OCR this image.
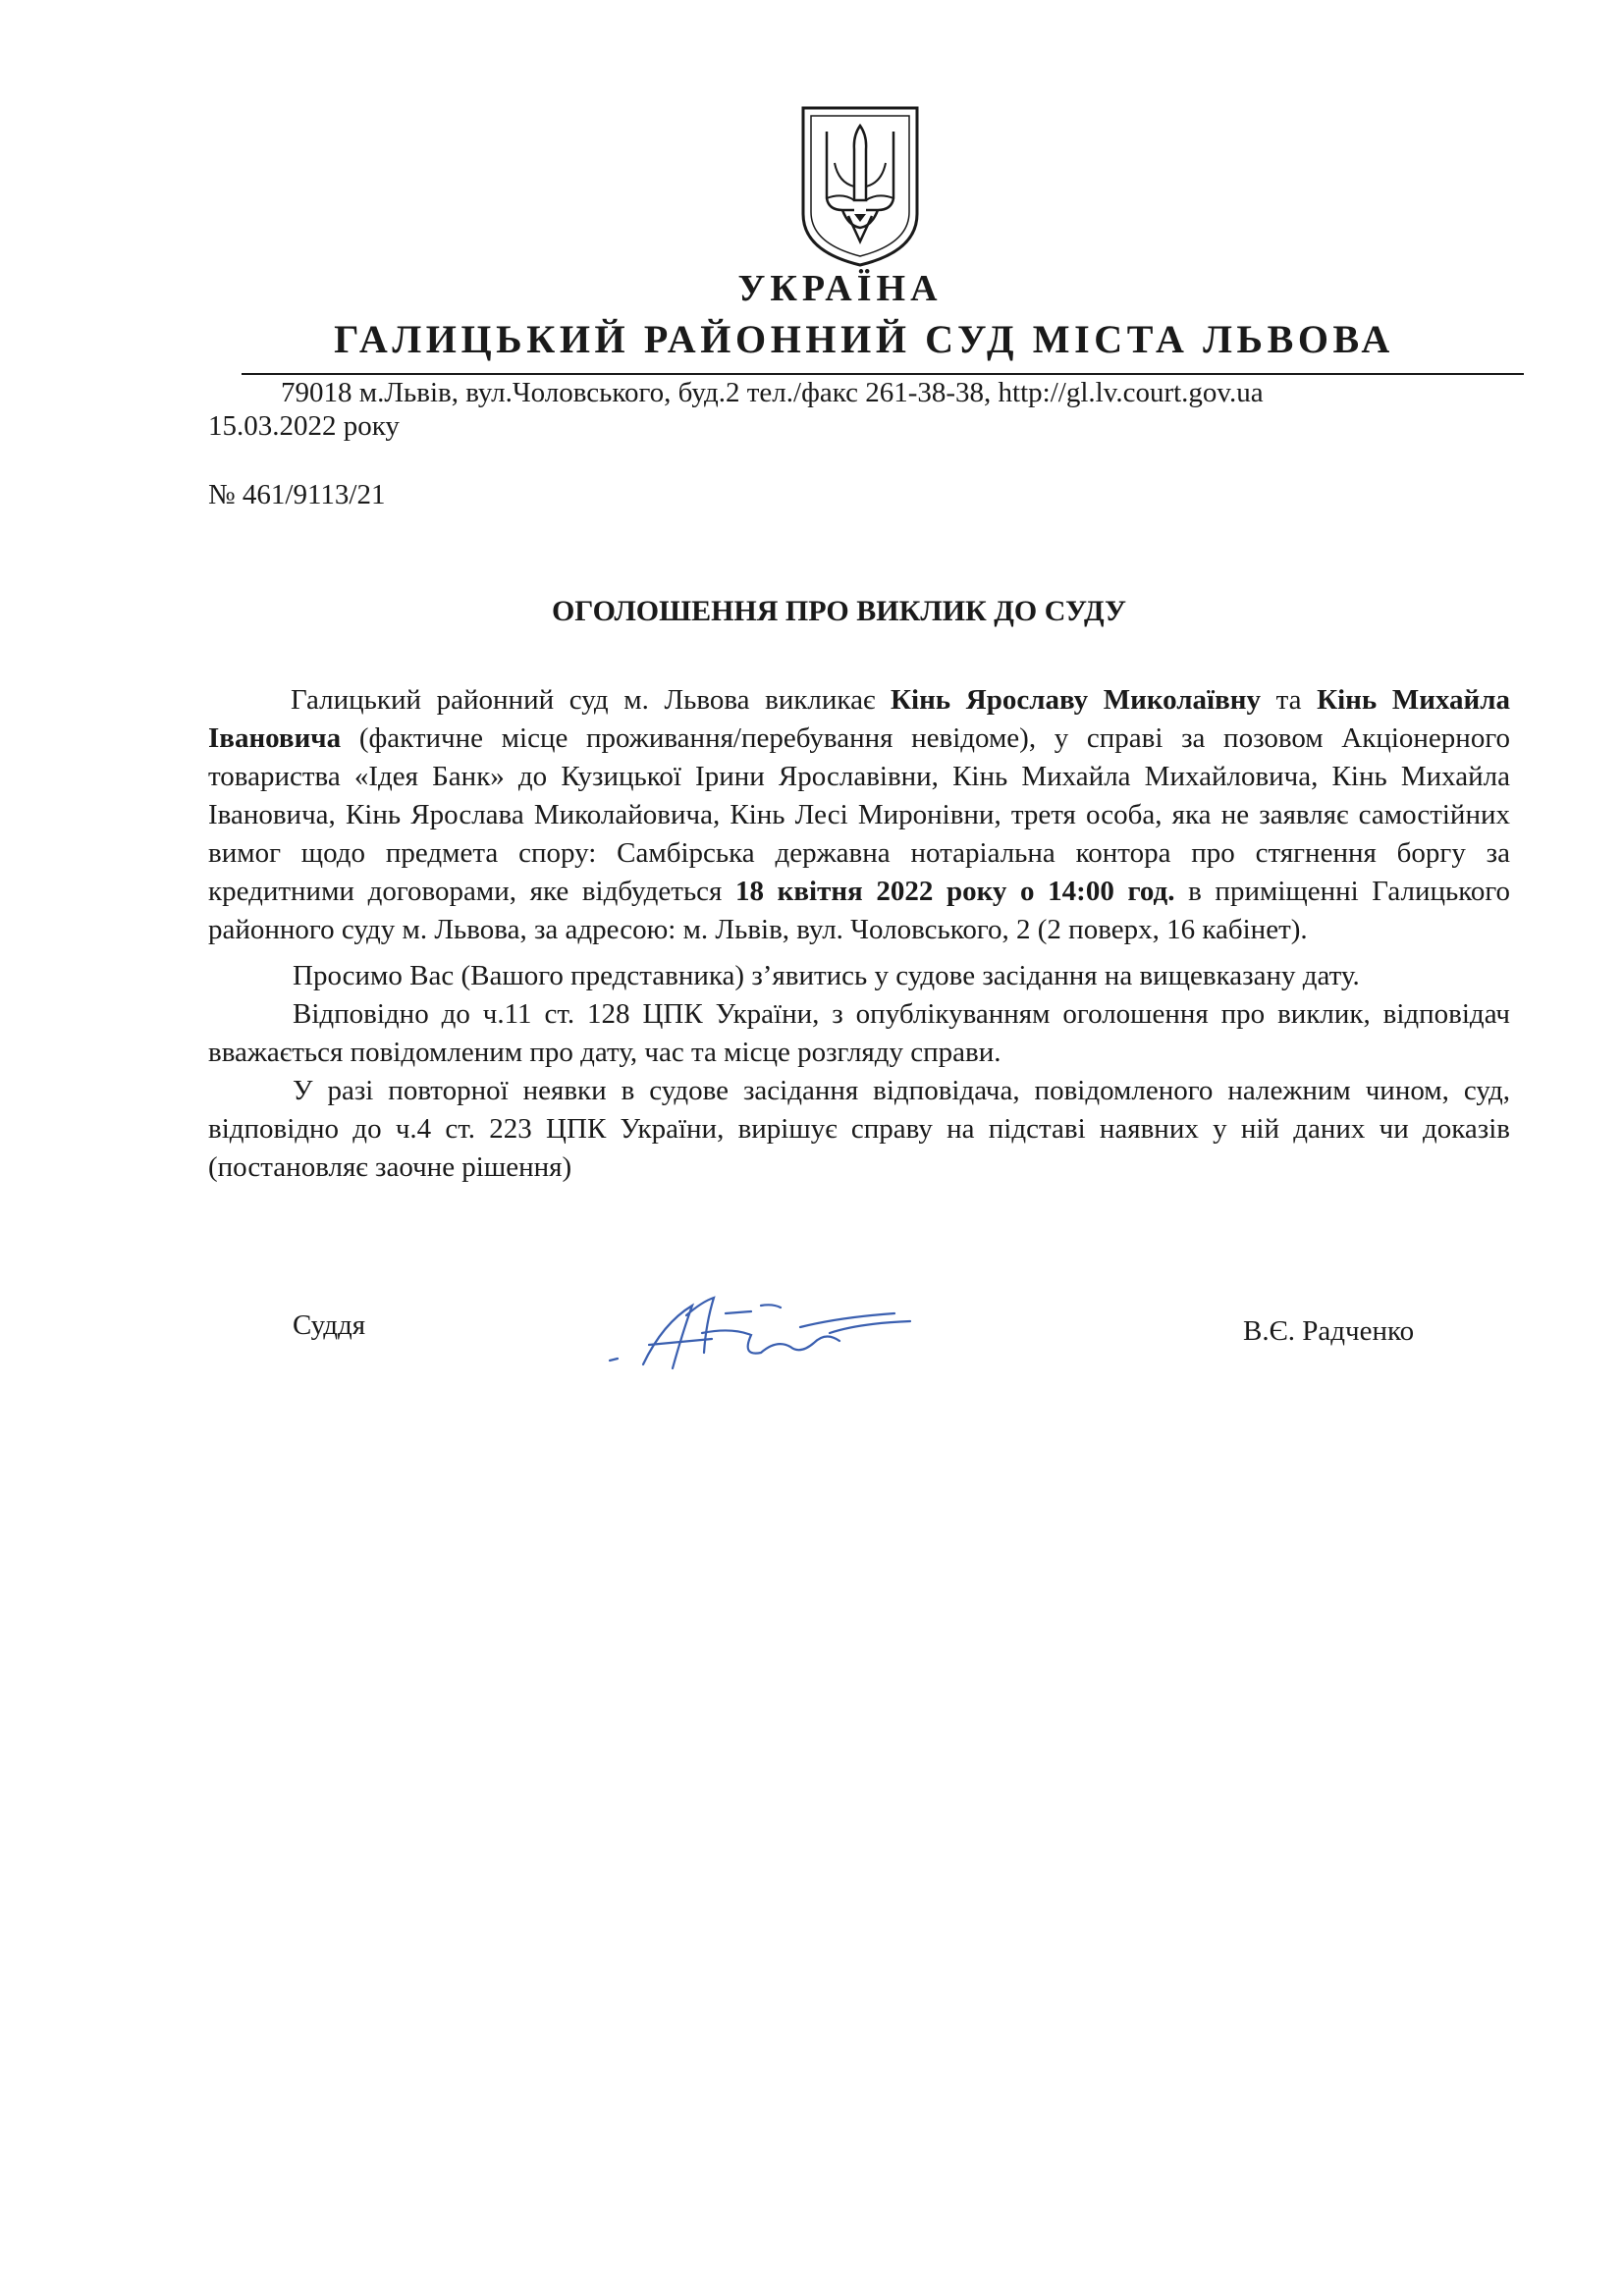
УКРАЇНА
ГАЛИЦЬКИЙ РАЙОННИЙ СУД МІСТА ЛЬВОВА
79018 м.Львів, вул.Чоловського, буд.2 тел./факс 261-38-38, http://gl.lv.court.gov.ua
15.03.2022 року
№ 461/9113/21
ОГОЛОШЕННЯ ПРО ВИКЛИК ДО СУДУ

Галицький районний суд м. Львова викликає Кінь Ярославу Миколаївну та Кінь Михайла Івановича (фактичне місце проживання/перебування невідоме), у справі за позовом Акціонерного товариства «Ідея Банк» до Кузицької Ірини Ярославівни, Кінь Михайла Михайловича, Кінь Михайла Івановича, Кінь Ярослава Миколайовича, Кінь Лесі Миронівни, третя особа, яка не заявляє самостійних вимог щодо предмета спору: Самбірська державна нотаріальна контора про стягнення боргу за кредитними договорами, яке відбудеться 18 квітня 2022 року о 14:00 год. в приміщенні Галицького районного суду м. Львова, за адресою: м. Львів, вул. Чоловського, 2 (2 поверх, 16 кабінет).

Просимо Вас (Вашого представника) з’явитись у судове засідання на вищевказану дату.

Відповідно до ч.11 ст. 128 ЦПК України, з опублікуванням оголошення про виклик, відповідач вважається повідомленим про дату, час та місце розгляду справи.

У разі повторної неявки в судове засідання відповідача, повідомленого належним чином, суд, відповідно до ч.4 ст. 223 ЦПК України, вирішує справу на підставі наявних у ній даних чи доказів (постановляє заочне рішення)

Суддя	В.Є. Радченко
